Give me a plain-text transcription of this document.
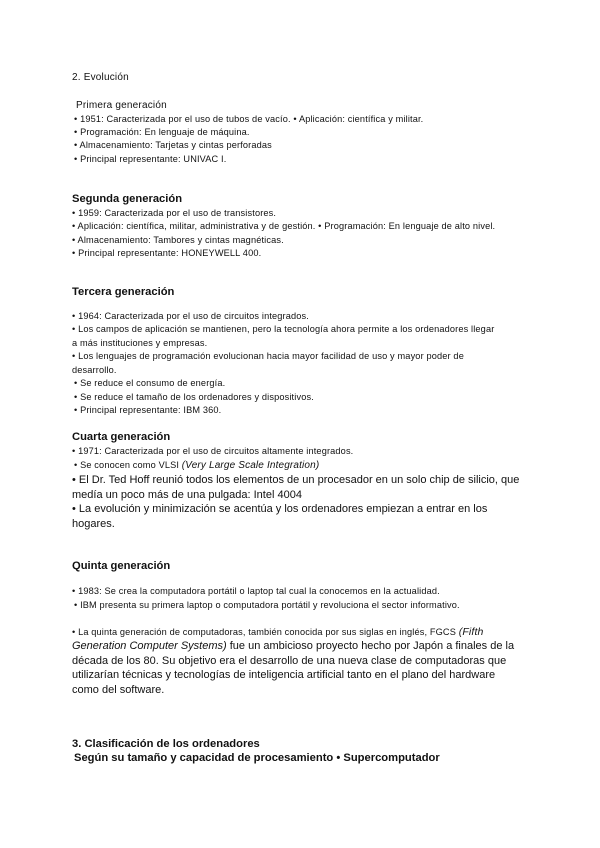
2. Evolución
Primera generación
• 1951: Caracterizada por el uso de tubos de vacío. • Aplicación: científica y militar.
• Programación: En lenguaje de máquina.
• Almacenamiento: Tarjetas y cintas perforadas
• Principal representante: UNIVAC I.
Segunda generación
• 1959: Caracterizada por el uso de transistores.
• Aplicación: científica, militar, administrativa y de gestión. • Programación: En lenguaje de alto nivel.
• Almacenamiento: Tambores y cintas magnéticas.
• Principal representante: HONEYWELL 400.
Tercera generación
• 1964: Caracterizada por el uso de circuitos integrados.
• Los campos de aplicación se mantienen, pero la tecnología ahora permite a los ordenadores llegar
a más instituciones y empresas.
• Los lenguajes de programación evolucionan hacia mayor facilidad de uso y mayor poder de
desarrollo.
• Se reduce el consumo de energía.
• Se reduce el tamaño de los ordenadores y dispositivos.
• Principal representante: IBM 360.
Cuarta generación
• 1971: Caracterizada por el uso de circuitos altamente integrados.
• Se conocen como VLSI (Very Large Scale Integration)
• El Dr. Ted Hoff reunió todos los elementos de un procesador en un solo chip de silicio, que
medía un poco más de una pulgada: Intel 4004
• La evolución y minimización se acentúa y los ordenadores empiezan a entrar en los
hogares.
Quinta generación
• 1983: Se crea la computadora portátil o laptop tal cual la conocemos en la actualidad.
• IBM presenta su primera laptop o computadora portátil y revoluciona el sector informativo.
• La quinta generación de computadoras, también conocida por sus siglas en inglés, FGCS (Fifth
Generation Computer Systems) fue un ambicioso proyecto hecho por Japón a finales de la
década de los 80. Su objetivo era el desarrollo de una nueva clase de computadoras que
utilizarían técnicas y tecnologías de inteligencia artificial tanto en el plano del hardware
como del software.
3. Clasificación de los ordenadores
Según su tamaño y capacidad de procesamiento • Supercomputador
